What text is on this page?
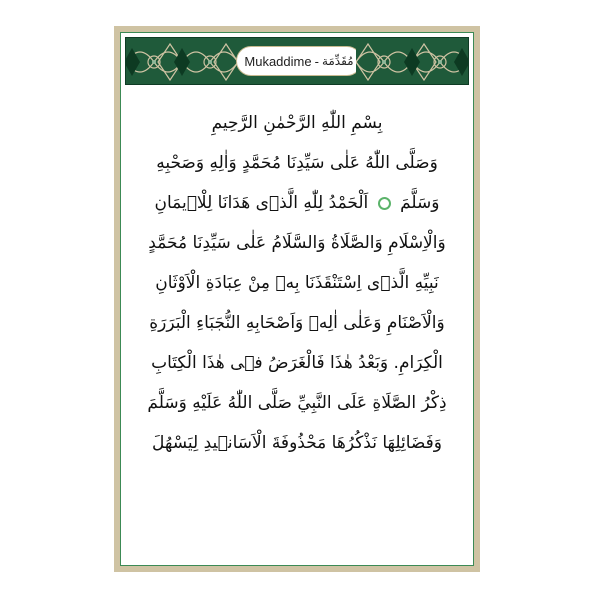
Mukaddime - مُقَدِّمَة
بِسْمِ اللّٰهِ الرَّحْمٰنِ الرَّحِيمِ
وَصَلَّى اللّٰهُ عَلٰى سَيِّدِنَا مُحَمَّدٍ وَاٰلِهِ وَصَحْبِهِ
وَسَلَّمَ  اَلْحَمْدُ لِلّٰهِ الَّذٖى هَدَانَا لِلْاٖيمَانِ
وَالْاِسْلَامِ وَالصَّلَاةُ وَالسَّلَامُ عَلٰى سَيِّدِنَا مُحَمَّدٍ
نَبِيِّهِ الَّذٖى اِسْتَنْقَذَنَا بِهٖ مِنْ عِبَادَةِ الْاَوْثَانِ
وَالْاَصْنَامِ وَعَلٰى اٰلِهٖ وَاَصْحَابِهِ النُّجَبَاءِ الْبَرَرَةِ
الْكِرَامِ. وَبَعْدُ هٰذَا فَالْغَرَضُ فٖى هٰذَا الْكِتَابِ
ذِكْرُ الصَّلَاةِ عَلَى النَّبِيِّ صَلَّى اللّٰهُ عَلَيْهِ وَسَلَّمَ
وَفَضَائِلِهَا نَذْكُرُهَا مَحْذُوفَةَ الْاَسَانٖيدِ لِيَسْهُلَ
